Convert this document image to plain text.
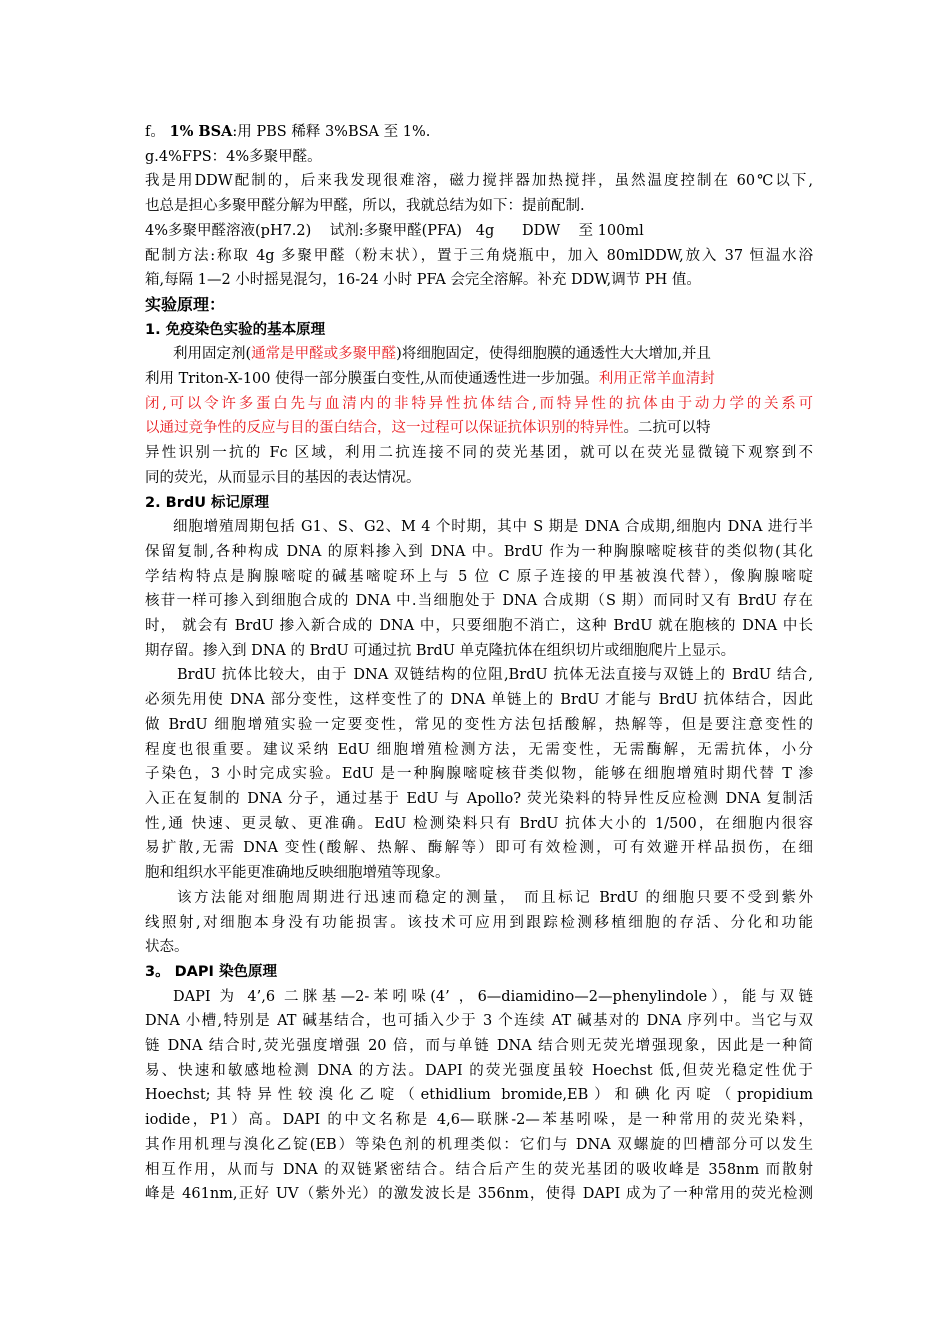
f。 1% BSA:用 PBS 稀释 3%BSA 至 1%.

g.4%FPS：4%多聚甲醛。

我是用DDW配制的，后来我发现很难溶，磁力搅拌器加热搅拌，虽然温度控制在 60℃以下,

也总是担心多聚甲醛分解为甲醛，所以，我就总结为如下：提前配制.

4%多聚甲醛溶液(pH7.2)    试剂:多聚甲醛(PFA)   4g      DDW    至 100ml

配制方法:称取 4g 多聚甲醛（粉末状），置于三角烧瓶中，加入 80mlDDW,放入 37 恒温水浴

箱,每隔 1—2 小时摇晃混匀，16-24 小时 PFA 会完全溶解。补充 DDW,调节 PH 值。

实验原理：

1. 免疫染色实验的基本原理

利用固定剂(通常是甲醛或多聚甲醛)将细胞固定，使得细胞膜的通透性大大增加,并且

利用 Triton-X-100 使得一部分膜蛋白变性,从而使通透性进一步加强。利用正常羊血清封

闭,可以令许多蛋白先与血清内的非特异性抗体结合,而特异性的抗体由于动力学的关系可

以通过竞争性的反应与目的蛋白结合，这一过程可以保证抗体识别的特异性。二抗可以特

异性识别一抗的 Fc 区域，利用二抗连接不同的荧光基团，就可以在荧光显微镜下观察到不

同的荧光，从而显示目的基因的表达情况。

2. BrdU 标记原理

细胞增殖周期包括 G1、S、G2、M 4 个时期，其中 S 期是 DNA 合成期,细胞内 DNA 进行半

保留复制,各种构成 DNA 的原料掺入到 DNA 中。BrdU 作为一种胸腺嘧啶核苷的类似物(其化

学结构特点是胸腺嘧啶的碱基嘧啶环上与 5 位 C 原子连接的甲基被溴代替），像胸腺嘧啶

核苷一样可掺入到细胞合成的 DNA 中.当细胞处于 DNA 合成期（S 期）而同时又有 BrdU 存在

时， 就会有 BrdU 掺入新合成的 DNA 中，只要细胞不消亡，这种 BrdU 就在胞核的 DNA 中长

期存留。掺入到 DNA 的 BrdU 可通过抗 BrdU 单克隆抗体在组织切片或细胞爬片上显示。

BrdU 抗体比较大，由于 DNA 双链结构的位阻,BrdU 抗体无法直接与双链上的 BrdU 结合,

必须先用使 DNA 部分变性，这样变性了的 DNA 单链上的 BrdU 才能与 BrdU 抗体结合，因此

做 BrdU 细胞增殖实验一定要变性，常见的变性方法包括酸解，热解等，但是要注意变性的

程度也很重要。建议采纳 EdU 细胞增殖检测方法，无需变性，无需酶解，无需抗体，小分

子染色，3 小时完成实验。EdU 是一种胸腺嘧啶核苷类似物，能够在细胞增殖时期代替 T 渗

入正在复制的 DNA 分子，通过基于 EdU 与 Apollo? 荧光染料的特异性反应检测 DNA 复制活

性,通 快速、更灵敏、更准确。EdU 检测染料只有 BrdU 抗体大小的 1/500，在细胞内很容

易扩散,无需 DNA 变性(酸解、热解、酶解等）即可有效检测，可有效避开样品损伤，在细

胞和组织水平能更准确地反映细胞增殖等现象。

该方法能对细胞周期进行迅速而稳定的测量， 而且标记 BrdU 的细胞只要不受到紫外

线照射,对细胞本身没有功能损害。该技术可应用到跟踪检测移植细胞的存活、分化和功能

状态。

3。 DAPI 染色原理

DAPI 为 4’,6 二脒基—2-苯吲哚(4’ ，6—diamidino—2—phenylindole），能与双链

DNA 小槽,特别是 AT 碱基结合，也可插入少于 3 个连续 AT 碱基对的 DNA 序列中。当它与双

链 DNA 结合时,荧光强度增强 20 倍，而与单链 DNA 结合则无荧光增强现象，因此是一种简

易、快速和敏感地检测 DNA 的方法。DAPI 的荧光强度虽较 Hoechst 低,但荧光稳定性优于

Hoechst;其特异性较溴化乙啶（ethidlium bromide,EB）和碘化丙啶（propidium

iodide，P1）高。DAPI 的中文名称是 4,6—联脒-2—苯基吲哚，是一种常用的荧光染料，

其作用机理与溴化乙锭(EB）等染色剂的机理类似：它们与 DNA 双螺旋的凹槽部分可以发生

相互作用，从而与 DNA 的双链紧密结合。结合后产生的荧光基团的吸收峰是 358nm 而散射

峰是 461nm,正好 UV（紫外光）的激发波长是 356nm，使得 DAPI 成为了一种常用的荧光检测
